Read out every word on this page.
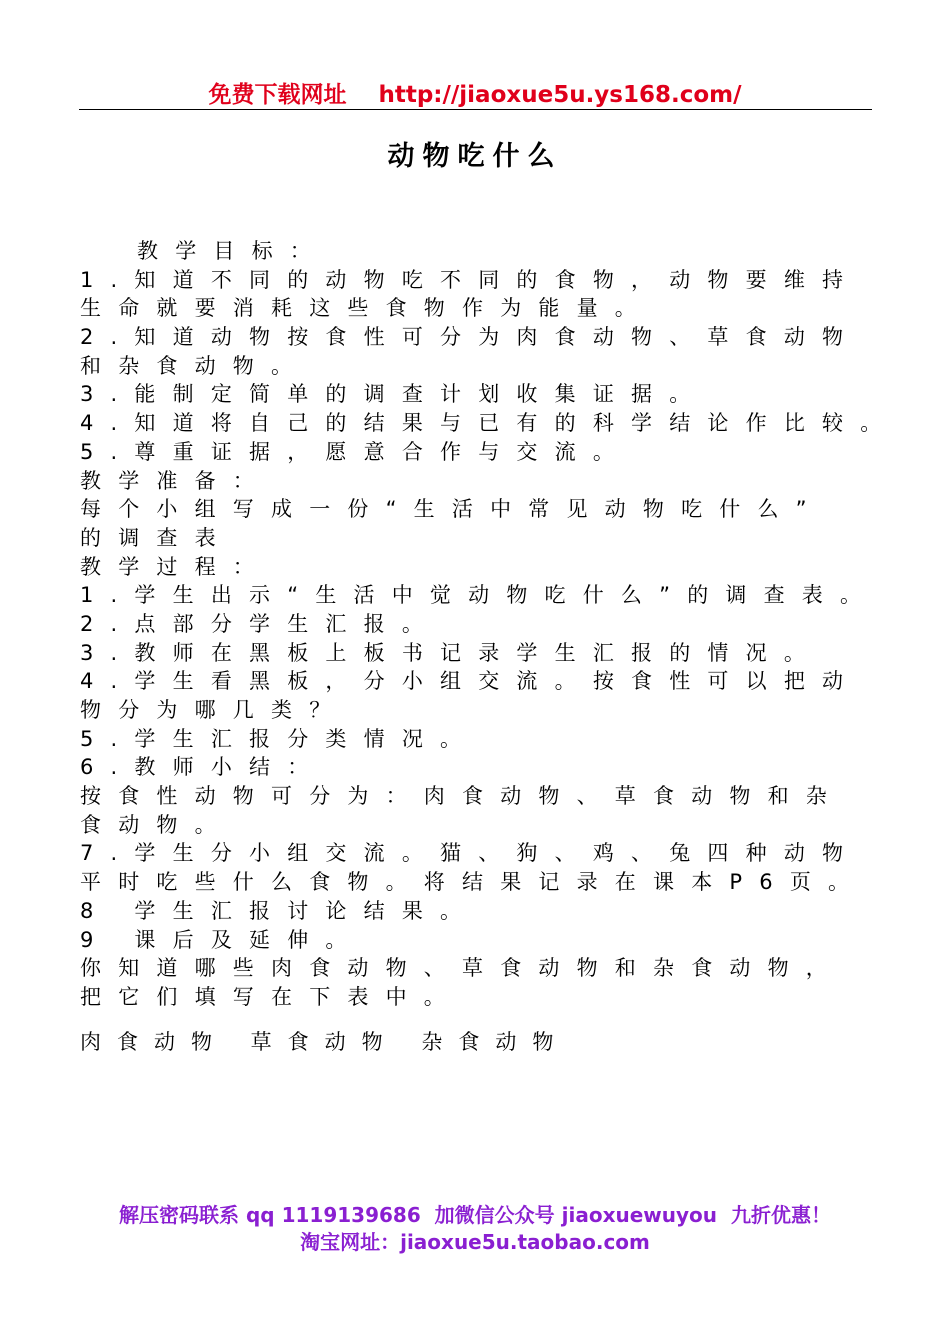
免费下载网址    http://jiaoxue5u.ys168.com/
动物吃什么
教学目标：
1.知道不同的动物吃不同的食物，动物要维持
生命就要消耗这些食物作为能量。
2.知道动物按食性可分为肉食动物、草食动物
和杂食动物。
3.能制定简单的调查计划收集证据。
4.知道将自己的结果与已有的科学结论作比较。
5.尊重证据，愿意合作与交流。
教学准备：
每个小组写成一份“生活中常见动物吃什么”
的调查表
教学过程：
1.学生出示“生活中觉动物吃什么”的调查表。
2.点部分学生汇报。
3.教师在黑板上板书记录学生汇报的情况。
4.学生看黑板，分小组交流。按食性可以把动
物分为哪几类？
5.学生汇报分类情况。
6.教师小结：
按食性动物可分为：肉食动物、草食动物和杂
食动物。
7.学生分小组交流。猫、狗、鸡、兔四种动物
平时吃些什么食物。将结果记录在课本P6页。
8 学生汇报讨论结果。
9 课后及延伸。
你知道哪些肉食动物、草食动物和杂食动物，
把它们填写在下表中。
肉食动物 草食动物 杂食动物
解压密码联系 qq 1119139686  加微信公众号 jiaoxuewuyou  九折优惠！
淘宝网址：jiaoxue5u.taobao.com
